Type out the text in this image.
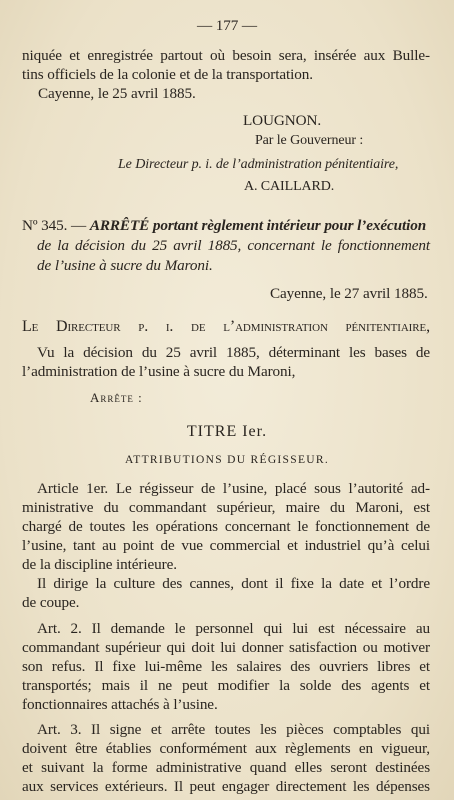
— 177 —
niquée et enregistrée partout où besoin sera, insérée aux Bulle-
tins officiels de la colonie et de la transportation.
Cayenne, le 25 avril 1885.
LOUGNON.
Par le Gouverneur :
Le Directeur p. i. de l’administration pénitentiaire,
A. CAILLARD.
Nº 345. — ARRÊTÉ portant règlement intérieur pour l’exécution
de la décision du 25 avril 1885, concernant le fonctionnement
de l’usine à sucre du Maroni.
Cayenne, le 27 avril 1885.
Le Directeur p. i. de l’administration pénitentiaire,
Vu la décision du 25 avril 1885, déterminant les bases de
l’administration de l’usine à sucre du Maroni,
Arrête :
TITRE Ier.
ATTRIBUTIONS DU RÉGISSEUR.
Article 1er. Le régisseur de l’usine, placé sous l’autorité ad-
ministrative du commandant supérieur, maire du Maroni, est
chargé de toutes les opérations concernant le fonctionnement de
l’usine, tant au point de vue commercial et industriel qu’à celui
de la discipline intérieure.
Il dirige la culture des cannes, dont il fixe la date et l’ordre
de coupe.
Art. 2. Il demande le personnel qui lui est nécessaire au
commandant supérieur qui doit lui donner satisfaction ou motiver
son refus. Il fixe lui-même les salaires des ouvriers libres et
transportés; mais il ne peut modifier la solde des agents et
fonctionnaires attachés à l’usine.
Art. 3. Il signe et arrête toutes les pièces comptables qui
doivent être établies conformément aux règlements en vigueur,
et suivant la forme administrative quand elles seront destinées
aux services extérieurs. Il peut engager directement les dépenses
